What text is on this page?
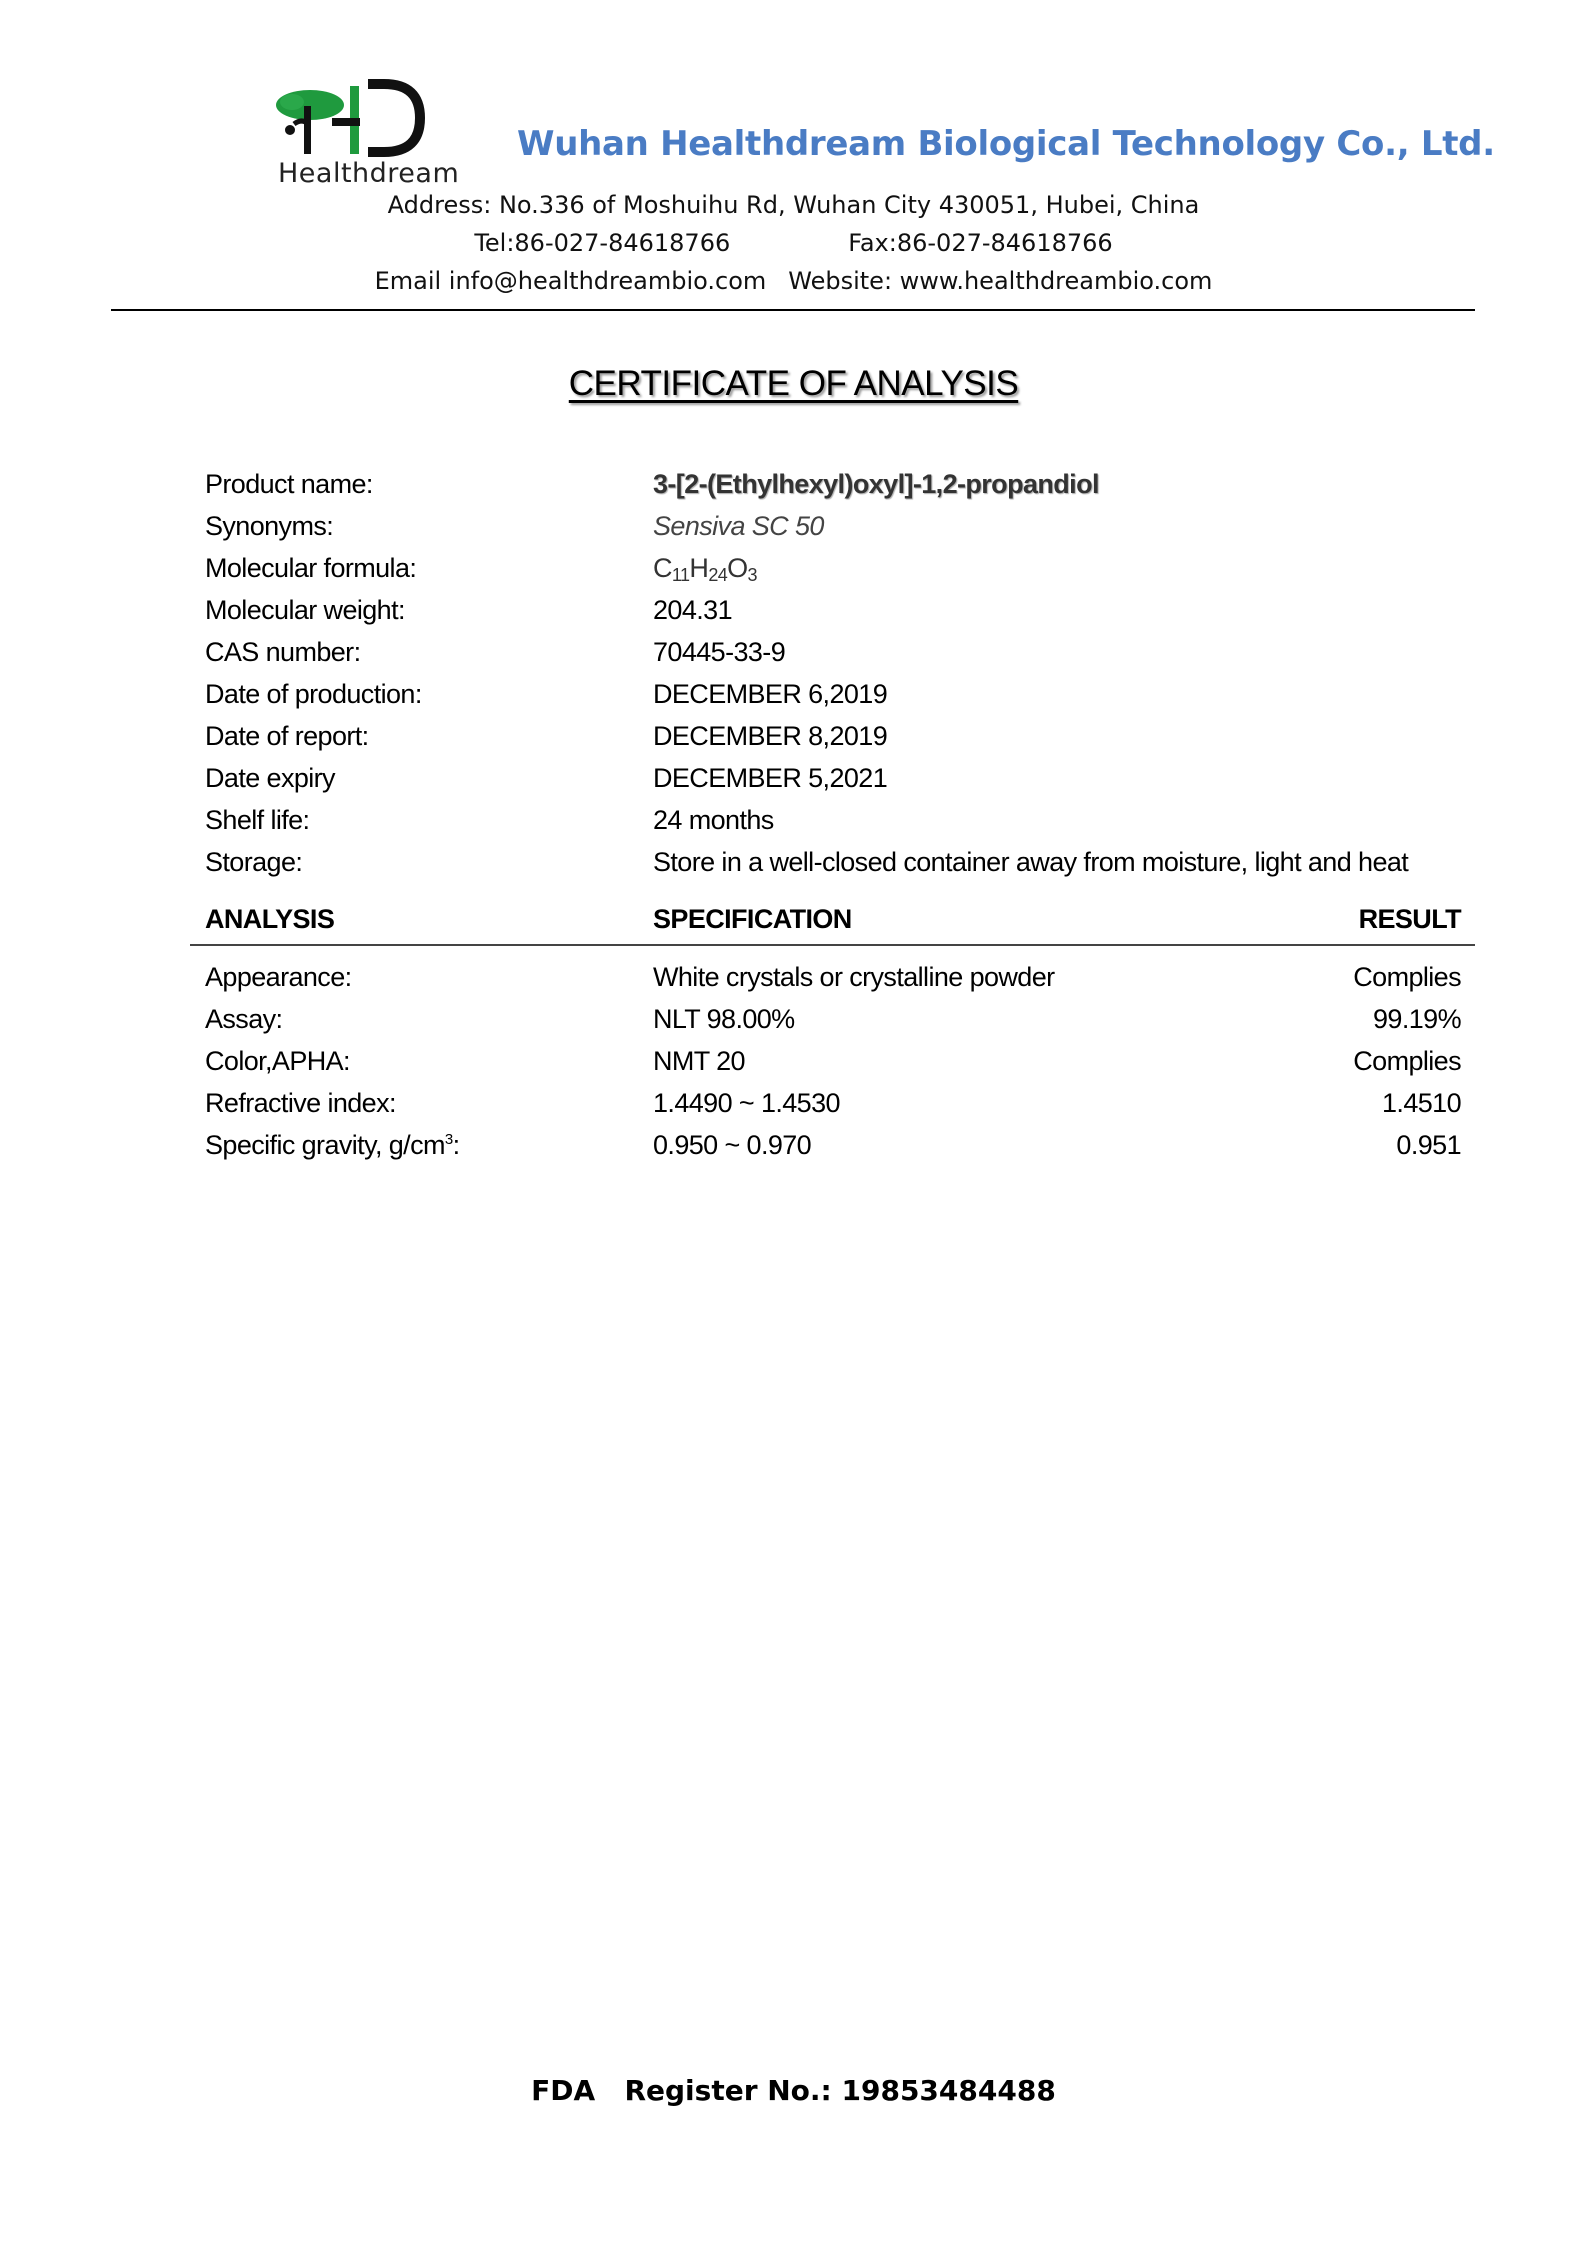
Healthdream
Wuhan Healthdream Biological Technology Co., Ltd.
Address: No.336 of Moshuihu Rd, Wuhan City 430051, Hubei, China
Tel:86-027-84618766	Fax:86-027-84618766
Email info@healthdreambio.com Website: www.healthdreambio.com
CERTIFICATE OF ANALYSIS
Product name:	3-[2-(Ethylhexyl)oxyl]-1,2-propandiol
Synonyms:	Sensiva SC 50
Molecular formula:	$C_{11}H_{24}O_3$
Molecular weight:	204.31
CAS number:	70445-33-9
Date of production:	DECEMBER 6,2019
Date of report:	DECEMBER 8,2019
Date expiry	DECEMBER 5,2021
Shelf life:	24 months
Storage:	Store in a well-closed container away from moisture, light and heat
ANALYSIS	SPECIFICATION	RESULT
Appearance:	White crystals or crystalline powder	Complies
Assay:	NLT 98.00%	99.19%
Color,APHA:	NMT 20	Complies
Refractive index:	1.4490 ~ 1.4530	1.4510
Specific gravity, $g/cm^3$:	0.950 ~ 0.970	0.951
FDA   Register No.: 19853484488
